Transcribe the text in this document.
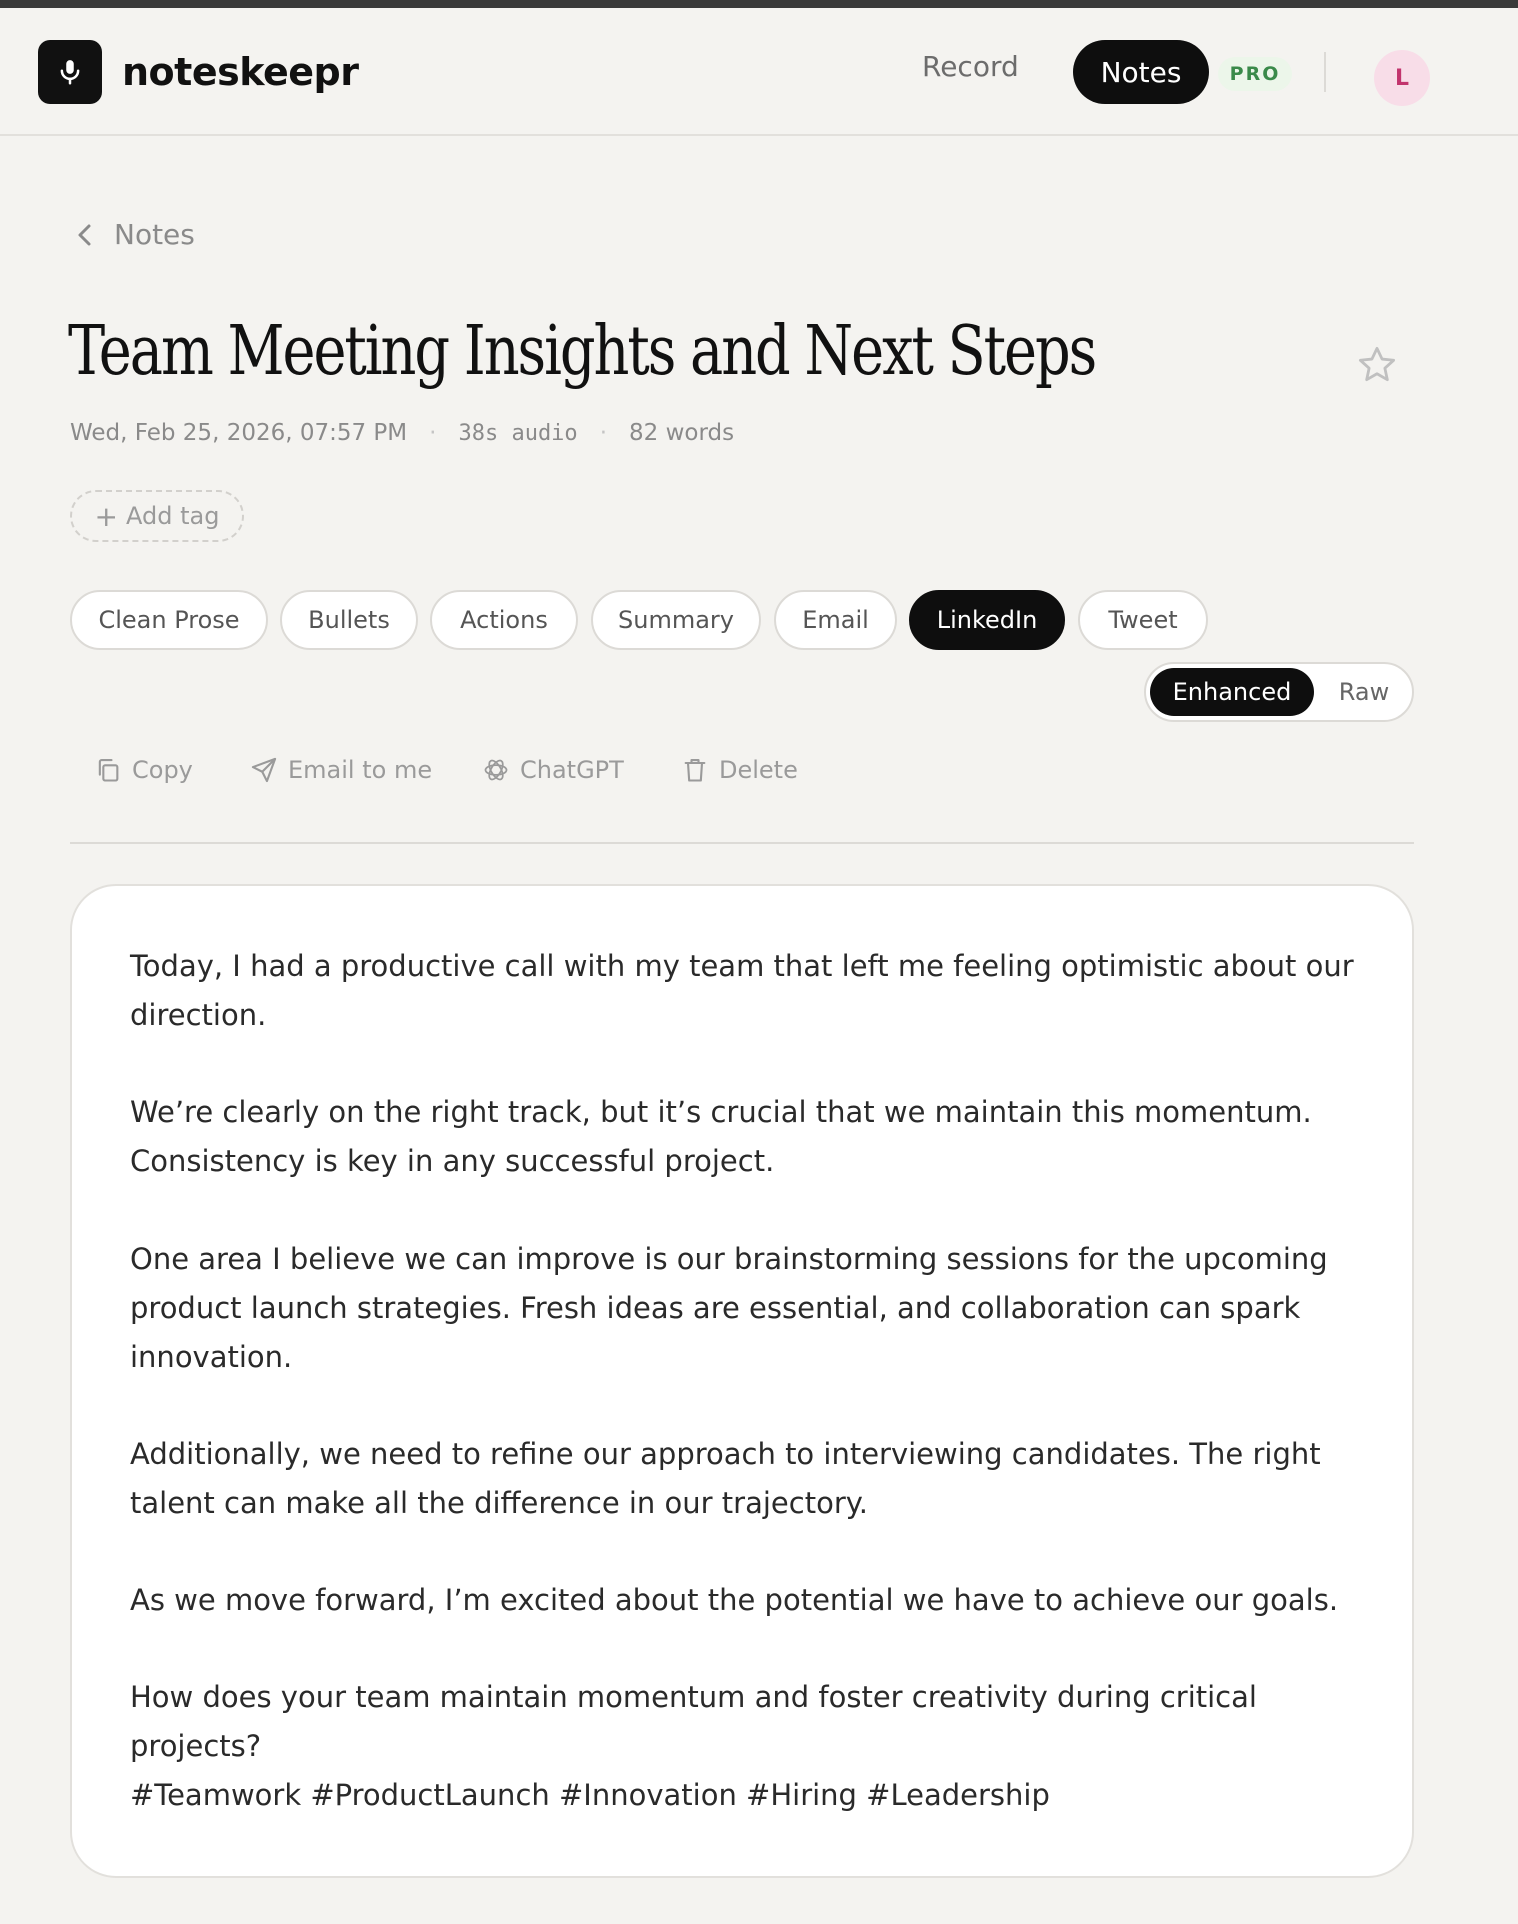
noteskeepr	Record	Notes	PRO	L
Notes
Team Meeting Insights and Next Steps
Wed, Feb 25, 2026, 07:57 PM · 38s audio · 82 words
+ Add tag
Clean Prose	Bullets	Actions	Summary	Email	LinkedIn	Tweet
Enhanced	Raw
Copy	Email to me	ChatGPT	Delete

Today, I had a productive call with my team that left me feeling optimistic about our direction.

We’re clearly on the right track, but it’s crucial that we maintain this momentum. Consistency is key in any successful project.

One area I believe we can improve is our brainstorming sessions for the upcoming product launch strategies. Fresh ideas are essential, and collaboration can spark innovation.

Additionally, we need to refine our approach to interviewing candidates. The right talent can make all the difference in our trajectory.

As we move forward, I’m excited about the potential we have to achieve our goals.

How does your team maintain momentum and foster creativity during critical projects?

#Teamwork #ProductLaunch #Innovation #Hiring #Leadership
